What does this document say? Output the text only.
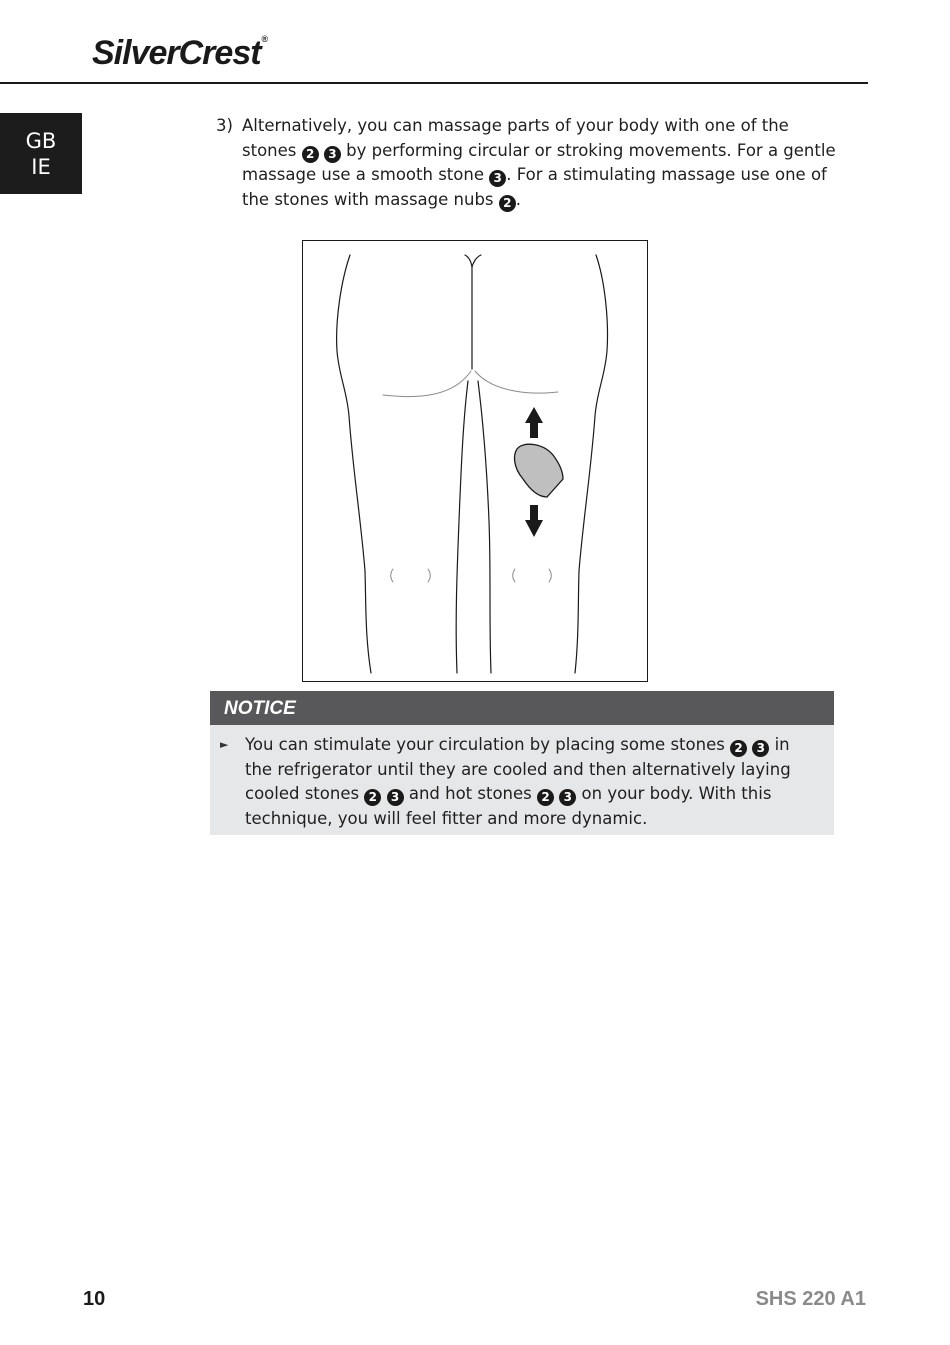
SilverCrest®
GB
IE
3) Alternatively, you can massage parts of your body with one of the stones 2 3 by performing circular or stroking movements. For a gentle massage use a smooth stone 3 . For a stimulating massage use one of the stones with massage nubs 2 .
NOTICE
► You can stimulate your circulation by placing some stones 2 3 in the refrigerator until they are cooled and then alternatively laying cooled stones 2 3 and hot stones 2 3 on your body. With this technique, you will feel fitter and more dynamic.
10	SHS 220 A1
